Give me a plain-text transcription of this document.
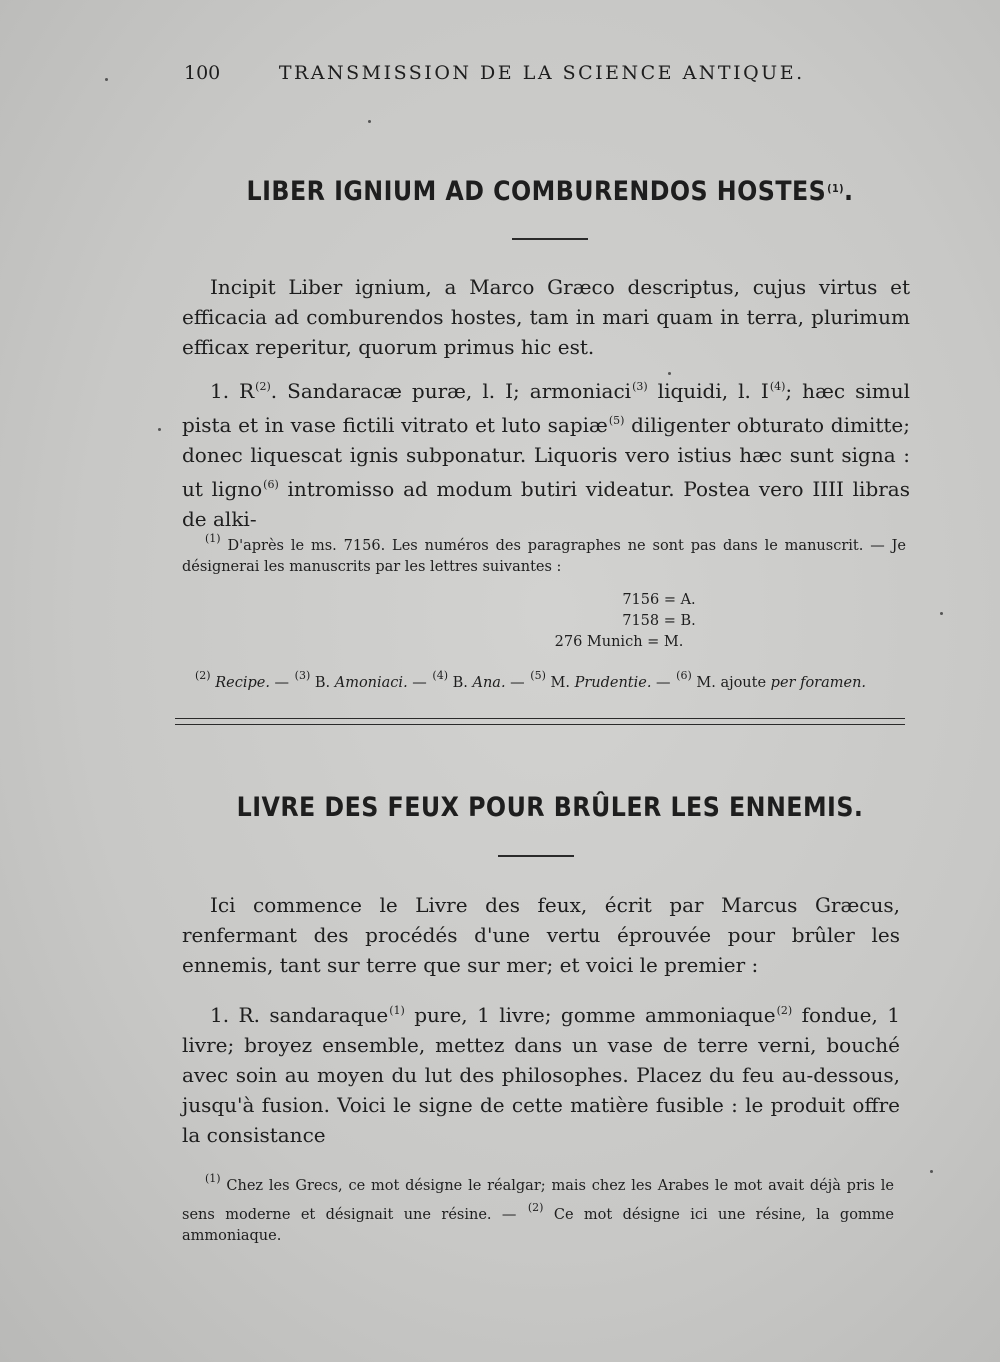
100	TRANSMISSION DE LA SCIENCE ANTIQUE.
LIBER IGNIUM AD COMBURENDOS HOSTES$^{(1)}$.

Incipit Liber ignium, a Marco Græco descriptus, cujus virtus et efficacia ad comburendos hostes, tam in mari quam in terra, plurimum efficax reperitur, quorum primus hic est.

1. $R^{(2)}$. Sandaracæ puræ, l. I; armoniaci$^{(3)}$ liquidi, l. $I^{(4)}$; hæc simul pista et in vase fictili vitrato et luto sapiæ$^{(5)}$ diligenter obturato dimitte; donec liquescat ignis subponatur. Liquoris vero istius hæc sunt signa : ut ligno$^{(6)}$ intromisso ad modum butiri videatur. Postea vero IIII libras de alki-

$^{(1)}$ D'après le ms. 7156. Les numéros des paragraphes ne sont pas dans le manuscrit. — Je désignerai les manuscrits par les lettres suivantes :

7156 = A.

7158 = B.

276 Munich = M.

$^{(2)}$ Recipe. — $^{(3)}$ B. Amoniaci. — $^{(4)}$ B. Ana. — $^{(5)}$ M. Prudentie. — $^{(6)}$ M. ajoute per foramen.

LIVRE DES FEUX POUR BRÛLER LES ENNEMIS.

Ici commence le Livre des feux, écrit par Marcus Græcus, renfermant des procédés d'une vertu éprouvée pour brûler les ennemis, tant sur terre que sur mer; et voici le premier :

1. R. sandaraque$^{(1)}$ pure, 1 livre; gomme ammoniaque$^{(2)}$ fondue, 1 livre; broyez ensemble, mettez dans un vase de terre verni, bouché avec soin au moyen du lut des philosophes. Placez du feu au-dessous, jusqu'à fusion. Voici le signe de cette matière fusible : le produit offre la consistance

$^{(1)}$ Chez les Grecs, ce mot désigne le réalgar; mais chez les Arabes le mot avait déjà pris le sens moderne et désignait une résine. — $^{(2)}$ Ce mot désigne ici une résine, la gomme ammoniaque.
